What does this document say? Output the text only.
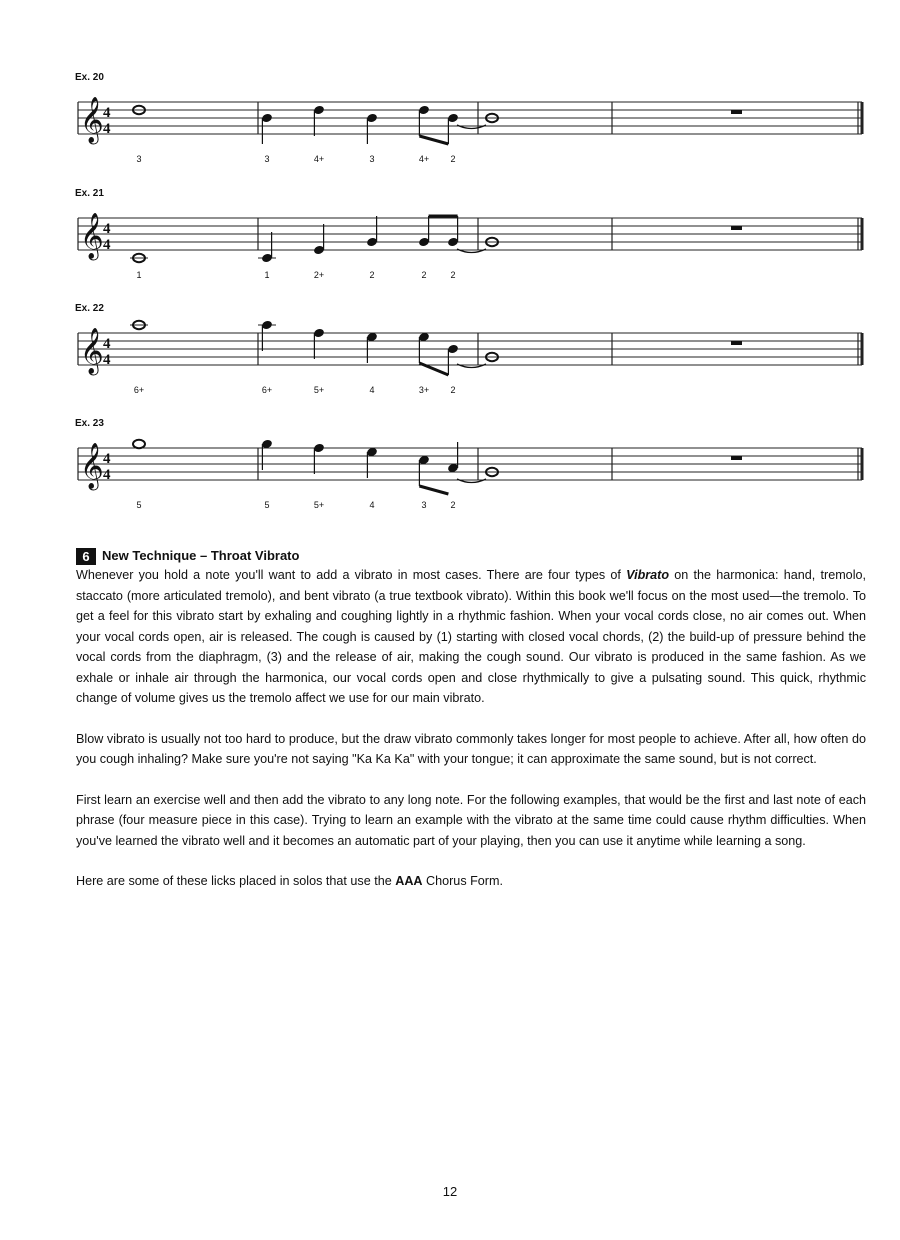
Ex. 20
𝄞 4
4
3	3	4+	3	4+ 2
Ex. 21
𝄞 4
4
1	1	2+	2	2	2
Ex. 22
𝄞 4
4
6+	6+	5+	4	3+ 2
Ex. 23
𝄞 4
4
5	5	5+	4	3	2
6 New Technique – Throat Vibrato

Whenever you hold a note you'll want to add a vibrato in most cases. There are four types of Vibrato on the harmonica: hand, tremolo, staccato (more articulated tremolo), and bent vibrato (a true textbook vibrato). Within this book we'll focus on the most used—the tremolo. To get a feel for this vibrato start by exhaling and coughing lightly in a rhythmic fashion. When your vocal cords close, no air comes out. When your vocal cords open, air is released. The cough is caused by (1) starting with closed vocal chords, (2) the build-up of pressure behind the vocal cords from the diaphragm, (3) and the release of air, making the cough sound. Our vibrato is produced in the same fashion. As we exhale or inhale air through the harmonica, our vocal cords open and close rhythmically to give a pulsating sound. This quick, rhythmic change of volume gives us the tremolo affect we use for our main vibrato.

Blow vibrato is usually not too hard to produce, but the draw vibrato commonly takes longer for most people to achieve. After all, how often do you cough inhaling? Make sure you're not saying "Ka Ka Ka" with your tongue; it can approximate the same sound, but is not correct.

First learn an exercise well and then add the vibrato to any long note. For the following examples, that would be the first and last note of each phrase (four measure piece in this case). Trying to learn an example with the vibrato at the same time could cause rhythm difficulties. When you've learned the vibrato well and it becomes an automatic part of your playing, then you can use it anytime while learning a song.

Here are some of these licks placed in solos that use the AAA Chorus Form.

12
